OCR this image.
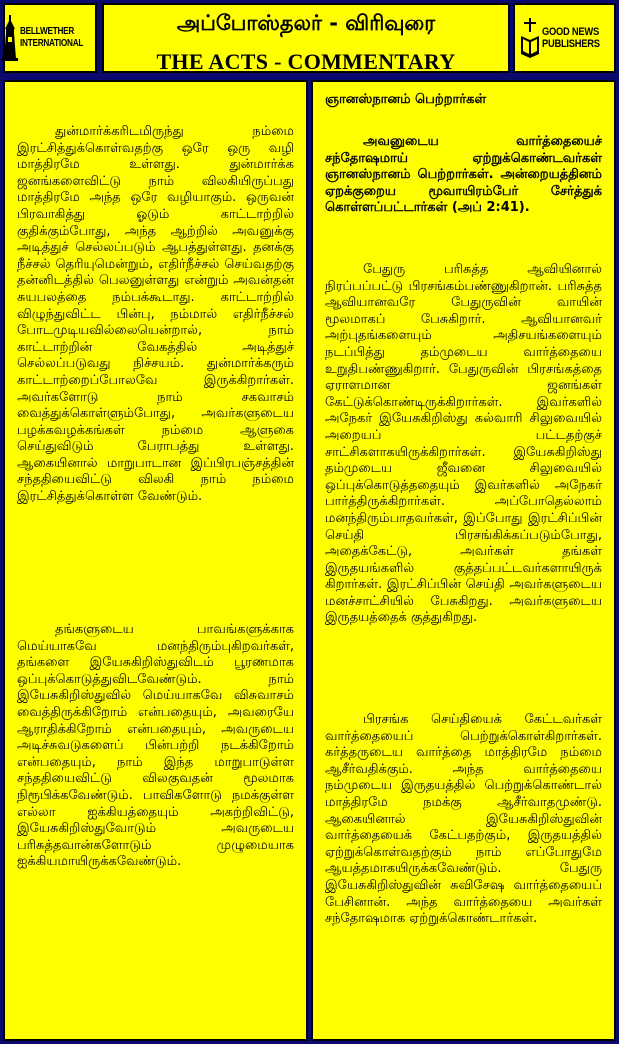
BELLWETHER
INTERNATIONAL
அப்போஸ்தலர் - விரிவுரை
THE ACTS - COMMENTARY
GOOD NEWS
PUBLISHERS
துன்மார்க்கரிடமிருந்து நம்மை இரட்சித்துக்கொள்வதற்கு ஒரே ஒரு வழி மாத்திரமே உள்ளது. துன்மார்க்க ஜனங்களைவிட்டு நாம் விலகியிருப்பது மாத்திரமே அந்த ஒரே வழியாகும். ஒருவன் பிரவாகித்து ஓடும் காட்டாற்றில் குதிக்கும்போது, அந்த ஆற்றில் அவனுக்கு அடித்துச் செல்லப்படும் ஆபத்துள்ளது. தனக்கு நீச்சல் தெரியுமென்றும், எதிர்நீச்சல் செய்வதற்கு தன்னிடத்தில் பெலனுள்ளது என்றும் அவன்தன் சுயபலத்தை நம்பக்கூடாது. காட்டாற்றில் விழுந்துவிட்ட பின்பு, நம்மால் எதிர்நீச்சல் போடமுடியவில்லையென்றால், நாம் காட்டாற்றின் வேகத்தில் அடித்துச் செல்லப்படுவது நிச்சயம். துன்மார்க்கரும் காட்டாற்றைப்போலவே இருக்கிறார்கள். அவர்களோடு நாம் சகவாசம் வைத்துக்கொள்ளும்போது, அவர்களுடைய பழக்கவழக்கங்கள் நம்மை ஆளுகை செய்துவிடும் பேராபத்து உள்ளது. ஆகையினால் மாறுபாடான இப்பிரபஞ்சத்தின் சந்ததியைவிட்டு விலகி நாம் நம்மை இரட்சித்துக்கொள்ள வேண்டும்.
தங்களுடைய பாவங்களுக்காக மெய்யாகவே மனந்திரும்புகிறவர்கள், தங்களை இயேசுகிறிஸ்துவிடம் பூரணமாக ஒப்புக்கொடுத்துவிடவேண்டும். நாம் இயேசுகிறிஸ்துவில் மெய்யாகவே விசுவாசம் வைத்திருக்கிறோம் என்பதையும், அவரையே ஆராதிக்கிறோம் என்பதையும், அவருடைய அடிச்சுவடுகளைப் பின்பற்றி நடக்கிறோம் என்பதையும், நாம் இந்த மாறுபாடுள்ள சந்ததியைவிட்டு விலகுவதன் மூலமாக நிரூபிக்கவேண்டும். பாவிகளோடு நமக்குள்ள எல்லா ஐக்கியத்தையும் அகற்றிவிட்டு, இயேசுகிறிஸ்துவோடும் அவருடைய பரிசுத்தவான்களோடும் முழுமையாக ஐக்கியமாயிருக்கவேண்டும்.
ஞானஸ்நானம் பெற்றார்கள்
அவனுடைய வார்த்தையைச் சந்தோஷமாய் ஏற்றுக்கொண்டவர்கள் ஞானஸ்நானம் பெற்றார்கள். அன்றையத்தினம் ஏறக்குறைய மூவாயிரம்பேர் சேர்த்துக் கொள்ளப்பட்டார்கள் (அப் 2:41).
பேதுரு பரிசுத்த ஆவியினால் நிரப்பப்பட்டு பிரசங்கம்பண்ணுகிறான். பரிசுத்த ஆவியானவரே பேதுருவின் வாயின் மூலமாகப் பேசுகிறார். ஆவியானவர் அற்புதங்களையும் அதிசயங்களையும் நடப்பித்து தம்முடைய வார்த்தையை உறுதிபண்ணுகிறார். பேதுருவின் பிரசங்கத்தை ஏராளமான ஜனங்கள் கேட்டுக்கொண்டிருக்கிறார்கள். இவர்களில் அநேகர் இயேசுகிறிஸ்து கல்வாரி சிலுவையில் அறையப் பட்டதற்குச் சாட்சிகளாகயிருக்கிறார்கள். இயேசுகிறிஸ்து தம்முடைய ஜீவனை சிலுவையில் ஒப்புக்கொடுத்ததையும் இவர்களில் அநேகர் பார்த்திருக்கிறார்கள். அப்போதெல்லாம் மனந்திரும்பாதவர்கள், இப்போது இரட்சிப்பின் செய்தி பிரசங்கிக்கப்படும்போது, அதைக்கேட்டு, அவர்கள் தங்கள் இருதயங்களில் குத்தப்பட்டவர்களாயிருக் கிறார்கள். இரட்சிப்பின் செய்தி அவர்களுடைய மனச்சாட்சியில் பேசுகிறது. அவர்களுடைய இருதயத்தைக் குத்துகிறது.
பிரசங்க செய்தியைக் கேட்டவர்கள் வார்த்தையைப் பெற்றுக்கொள்கிறார்கள். கர்த்தருடைய வார்த்தை மாத்திரமே நம்மை ஆசீர்வதிக்கும். அந்த வார்த்தையை நம்முடைய இருதயத்தில் பெற்றுக்கொண்டால் மாத்திரமே நமக்கு ஆசீர்வாதமுண்டு. ஆகையினால் இயேசுகிறிஸ்துவின் வார்த்தையைக் கேட்பதற்கும், இருதயத்தில் ஏற்றுக்கொள்வதற்கும் நாம் எப்போதுமே ஆயத்தமாகயிருக்கவேண்டும். பேதுரு இயேசுகிறிஸ்துவின் சுவிசேஷ வார்த்தையைப் பேசினான். அந்த வார்த்தையை அவர்கள் சந்தோஷமாக ஏற்றுக்கொண்டார்கள்.
